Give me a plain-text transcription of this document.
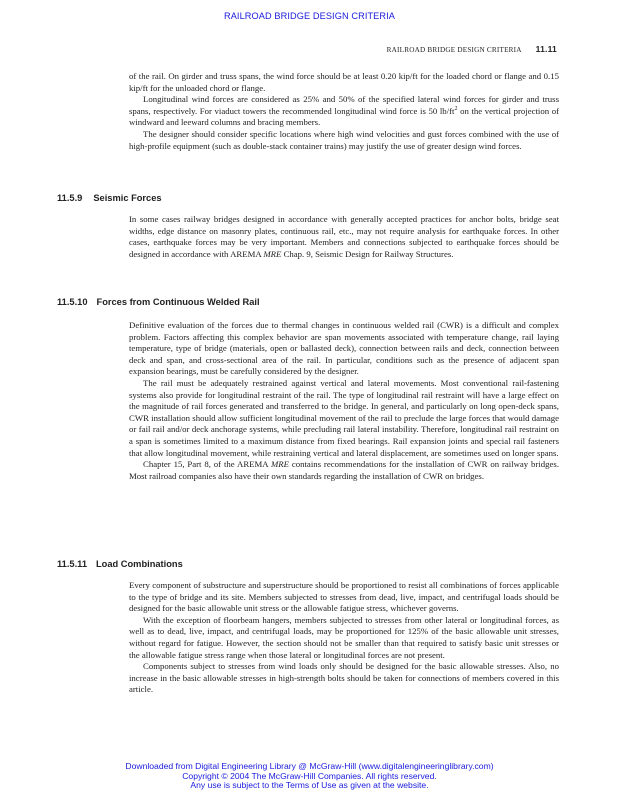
RAILROAD BRIDGE DESIGN CRITERIA
RAILROAD BRIDGE DESIGN CRITERIA 11.11

of the rail. On girder and truss spans, the wind force should be at least 0.20 kip/ft for the loaded chord or flange and 0.15 kip/ft for the unloaded chord or flange.

Longitudinal wind forces are considered as 25% and 50% of the specified lateral wind forces for girder and truss spans, respectively. For viaduct towers the recommended longitudinal wind force is 50 $lb/ft^2$ on the vertical projection of windward and leeward columns and bracing members.

The designer should consider specific locations where high wind velocities and gust forces combined with the use of high-profile equipment (such as double-stack container trains) may justify the use of greater design wind forces.

11.5.9 Seismic Forces

In some cases railway bridges designed in accordance with generally accepted practices for anchor bolts, bridge seat widths, edge distance on masonry plates, continuous rail, etc., may not require analysis for earthquake forces. In other cases, earthquake forces may be very important. Members and connections subjected to earthquake forces should be designed in accordance with AREMA MRE Chap. 9, Seismic Design for Railway Structures.

11.5.10 Forces from Continuous Welded Rail

Definitive evaluation of the forces due to thermal changes in continuous welded rail (CWR) is a difficult and complex problem. Factors affecting this complex behavior are span movements associated with temperature change, rail laying temperature, type of bridge (materials, open or ballasted deck), connection between rails and deck, connection between deck and span, and cross-sectional area of the rail. In particular, conditions such as the presence of adjacent span expansion bearings, must be carefully considered by the designer.

The rail must be adequately restrained against vertical and lateral movements. Most conventional rail-fastening systems also provide for longitudinal restraint of the rail. The type of longitudinal rail restraint will have a large effect on the magnitude of rail forces generated and transferred to the bridge. In general, and particularly on long open-deck spans, CWR installation should allow sufficient longitudinal movement of the rail to preclude the large forces that would damage or fail rail and/or deck anchorage systems, while precluding rail lateral instability. Therefore, longitudinal rail restraint on a span is sometimes limited to a maximum distance from fixed bearings. Rail expansion joints and special rail fasteners that allow longitudinal movement, while restraining vertical and lateral displacement, are sometimes used on longer spans.

Chapter 15, Part 8, of the AREMA MRE contains recommendations for the installation of CWR on railway bridges. Most railroad companies also have their own standards regarding the installation of CWR on bridges.

11.5.11 Load Combinations

Every component of substructure and superstructure should be proportioned to resist all combinations of forces applicable to the type of bridge and its site. Members subjected to stresses from dead, live, impact, and centrifugal loads should be designed for the basic allowable unit stress or the allowable fatigue stress, whichever governs.

With the exception of floorbeam hangers, members subjected to stresses from other lateral or longitudinal forces, as well as to dead, live, impact, and centrifugal loads, may be proportioned for 125% of the basic allowable unit stresses, without regard for fatigue. However, the section should not be smaller than that required to satisfy basic unit stresses or the allowable fatigue stress range when those lateral or longitudinal forces are not present.

Components subject to stresses from wind loads only should be designed for the basic allowable stresses. Also, no increase in the basic allowable stresses in high-strength bolts should be taken for connections of members covered in this article.

Downloaded from Digital Engineering Library @ McGraw-Hill (www.digitalengineeringlibrary.com)
Copyright © 2004 The McGraw-Hill Companies. All rights reserved.
Any use is subject to the Terms of Use as given at the website.
